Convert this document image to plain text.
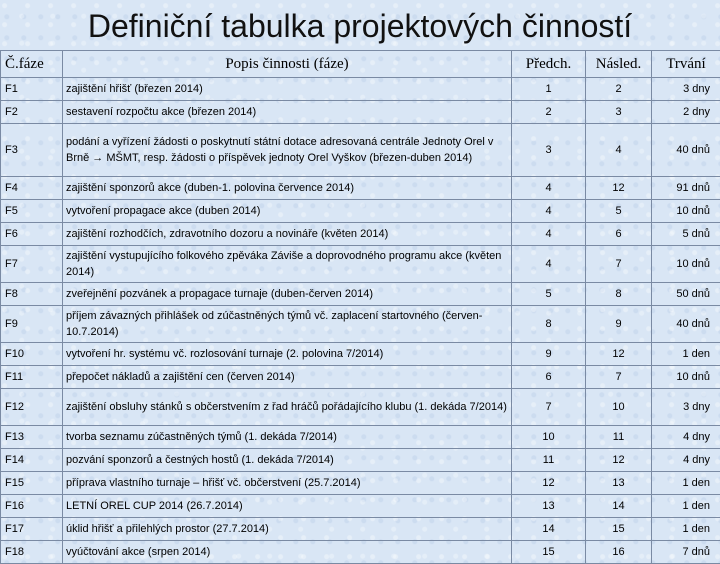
Definiční tabulka projektových činností
Č.fáze	Popis činnosti (fáze)	Předch.	Násled.	Trvání
F1	zajištění hřišť (březen 2014)	1	2	3 dny
F2	sestavení rozpočtu akce (březen 2014)	2	3	2 dny
F3	podání a vyřízení žádosti o poskytnutí státní dotace adresovaná centrále Jednoty Orel v Brně → MŠMT, resp. žádosti o příspěvek jednoty Orel Vyškov (březen-duben 2014)	3	4	40 dnů
F4	zajištění sponzorů akce (duben-1. polovina července 2014)	4	12	91 dnů
F5	vytvoření propagace akce (duben 2014)	4	5	10 dnů
F6	zajištění rozhodčích, zdravotního dozoru a novináře (květen 2014)	4	6	5 dnů
F7	zajištění vystupujícího folkového zpěváka Záviše a doprovodného programu akce (květen 2014)	4	7	10 dnů
F8	zveřejnění pozvánek a propagace turnaje (duben-červen 2014)	5	8	50 dnů
F9	příjem závazných přihlášek od zúčastněných týmů vč. zaplacení startovného (červen-10.7.2014)	8	9	40 dnů
F10	vytvoření hr. systému vč. rozlosování turnaje (2. polovina 7/2014)	9	12	1 den
F11	přepočet nákladů a zajištění cen (červen 2014)	6	7	10 dnů
F12	zajištění obsluhy stánků s občerstvením z řad hráčů pořádajícího klubu (1. dekáda 7/2014)	7	10	3 dny
F13	tvorba seznamu zúčastněných týmů (1. dekáda 7/2014)	10	11	4 dny
F14	pozvání sponzorů a čestných hostů (1. dekáda 7/2014)	11	12	4 dny
F15	příprava vlastního turnaje – hřišť vč. občerstvení (25.7.2014)	12	13	1 den
F16	LETNÍ OREL CUP 2014 (26.7.2014)	13	14	1 den
F17	úklid hřišť a přilehlých prostor (27.7.2014)	14	15	1 den
F18	vyúčtování akce (srpen 2014)	15	16	7 dnů
